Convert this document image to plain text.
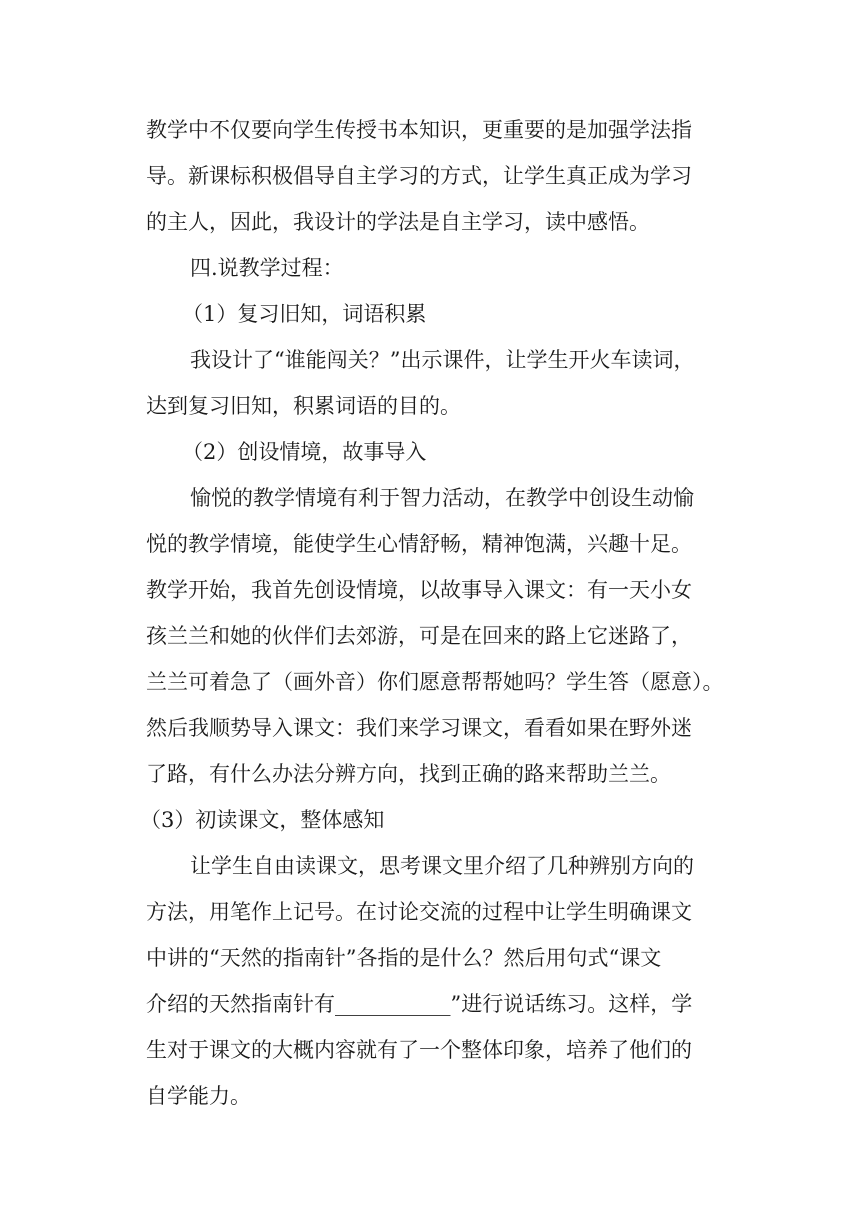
教学中不仅要向学生传授书本知识，更重要的是加强学法指

导。新课标积极倡导自主学习的方式，让学生真正成为学习

的主人，因此，我设计的学法是自主学习，读中感悟。

四.说教学过程：

（1）复习旧知，词语积累

我设计了“谁能闯关？”出示课件，让学生开火车读词，

达到复习旧知，积累词语的目的。

（2）创设情境，故事导入

愉悦的教学情境有利于智力活动，在教学中创设生动愉

悦的教学情境，能使学生心情舒畅，精神饱满，兴趣十足。

教学开始，我首先创设情境，以故事导入课文：有一天小女

孩兰兰和她的伙伴们去郊游，可是在回来的路上它迷路了，

兰兰可着急了（画外音）你们愿意帮帮她吗？学生答（愿意）。

然后我顺势导入课文：我们来学习课文，看看如果在野外迷

了路，有什么办法分辨方向，找到正确的路来帮助兰兰。

（3）初读课文，整体感知

让学生自由读课文，思考课文里介绍了几种辨别方向的

方法，用笔作上记号。在讨论交流的过程中让学生明确课文

中讲的“天然的指南针”各指的是什么？然后用句式“课文

介绍的天然指南针有___________”进行说话练习。这样，学

生对于课文的大概内容就有了一个整体印象，培养了他们的

自学能力。
